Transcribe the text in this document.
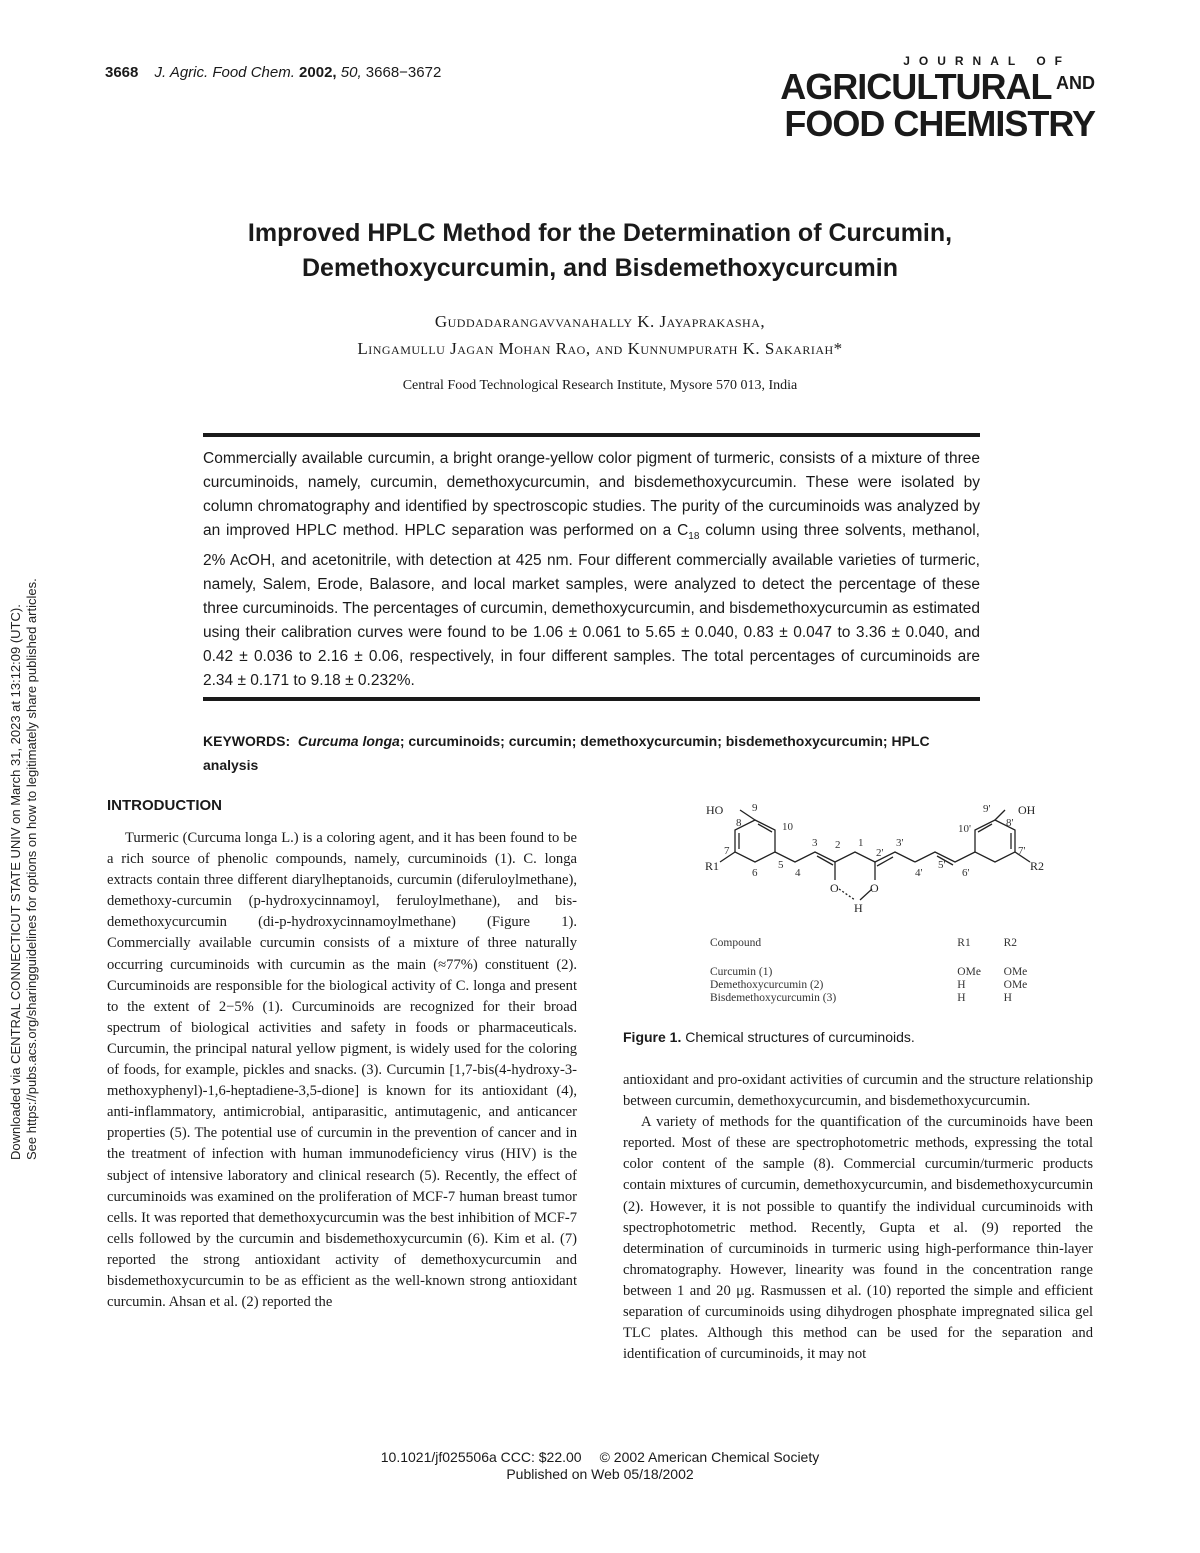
3668 J. Agric. Food Chem. 2002, 50, 3668−3672
JOURNAL OF
AGRICULTURAL AND
FOOD CHEMISTRY
Improved HPLC Method for the Determination of Curcumin,
Demethoxycurcumin, and Bisdemethoxycurcumin
Guddadarangavvanahally K. Jayaprakasha,
Lingamullu Jagan Mohan Rao, and Kunnumpurath K. Sakariah*
Central Food Technological Research Institute, Mysore 570 013, India
Commercially available curcumin, a bright orange-yellow color pigment of turmeric, consists of a mixture of three curcuminoids, namely, curcumin, demethoxycurcumin, and bisdemethoxycurcumin. These were isolated by column chromatography and identified by spectroscopic studies. The purity of the curcuminoids was analyzed by an improved HPLC method. HPLC separation was performed on a $C_{18}$ column using three solvents, methanol, 2% AcOH, and acetonitrile, with detection at 425 nm. Four different commercially available varieties of turmeric, namely, Salem, Erode, Balasore, and local market samples, were analyzed to detect the percentage of these three curcuminoids. The percentages of curcumin, demethoxycurcumin, and bisdemethoxycurcumin as estimated using their calibration curves were found to be 1.06 ± 0.061 to 5.65 ± 0.040, 0.83 ± 0.047 to 3.36 ± 0.040, and 0.42 ± 0.036 to 2.16 ± 0.06, respectively, in four different samples. The total percentages of curcuminoids are 2.34 ± 0.171 to 9.18 ± 0.232%.
KEYWORDS: Curcuma longa; curcuminoids; curcumin; demethoxycurcumin; bisdemethoxycurcumin; HPLC analysis
INTRODUCTION

Turmeric (Curcuma longa L.) is a coloring agent, and it has been found to be a rich source of phenolic compounds, namely, curcuminoids (1). C. longa extracts contain three different diarylheptanoids, curcumin (diferuloylmethane), demethoxy-curcumin (p-hydroxycinnamoyl, feruloylmethane), and bis-demethoxycurcumin (di-p-hydroxycinnamoylmethane) (Figure 1). Commercially available curcumin consists of a mixture of three naturally occurring curcuminoids with curcumin as the main (≈77%) constituent (2). Curcuminoids are responsible for the biological activity of C. longa and present to the extent of 2−5% (1). Curcuminoids are recognized for their broad spectrum of biological activities and safety in foods or pharmaceuticals. Curcumin, the principal natural yellow pigment, is widely used for the coloring of foods, for example, pickles and snacks. (3). Curcumin [1,7-bis(4-hydroxy-3-methoxyphenyl)-1,6-heptadiene-3,5-dione] is known for its antioxidant (4), anti-inflammatory, antimicrobial, antiparasitic, antimutagenic, and anticancer properties (5). The potential use of curcumin in the prevention of cancer and in the treatment of infection with human immunodeficiency virus (HIV) is the subject of intensive laboratory and clinical research (5). Recently, the effect of curcuminoids was examined on the proliferation of MCF-7 human breast tumor cells. It was reported that demethoxycurcumin was the best inhibition of MCF-7 cells followed by the curcumin and bisdemethoxycurcumin (6). Kim et al. (7) reported the strong antioxidant activity of demethoxycurcumin and bisdemethoxycurcumin to be as efficient as the well-known strong antioxidant curcumin. Ahsan et al. (2) reported the

HO	OH
R1	R2
H
O	O
8
9
10
7
6
5
4
3 2 1
2'
3'
4'
5'
6'
7'
8'
9'
10'
Compound	R1	R2
Curcumin (1)	OMe	OMe
Demethoxycurcumin (2)	H	OMe
Bisdemethoxycurcumin (3)	H	H
Figure 1. Chemical structures of curcuminoids.

antioxidant and pro-oxidant activities of curcumin and the structure relationship between curcumin, demethoxycurcumin, and bisdemethoxycurcumin.

A variety of methods for the quantification of the curcuminoids have been reported. Most of these are spectrophotometric methods, expressing the total color content of the sample (8). Commercial curcumin/turmeric products contain mixtures of curcumin, demethoxycurcumin, and bisdemethoxycurcumin (2). However, it is not possible to quantify the individual curcuminoids with spectrophotometric method. Recently, Gupta et al. (9) reported the determination of curcuminoids in turmeric using high-performance thin-layer chromatography. However, linearity was found in the concentration range between 1 and 20 μg. Rasmussen et al. (10) reported the simple and efficient separation of curcuminoids using dihydrogen phosphate impregnated silica gel TLC plates. Although this method can be used for the separation and identification of curcuminoids, it may not

10.1021/jf025506a CCC: $22.00 © 2002 American Chemical Society
Published on Web 05/18/2002
Downloaded via CENTRAL CONNECTICUT STATE UNIV on March 31, 2023 at 13:12:09 (UTC). See https://pubs.acs.org/sharingguidelines for options on how to legitimately share published articles.
